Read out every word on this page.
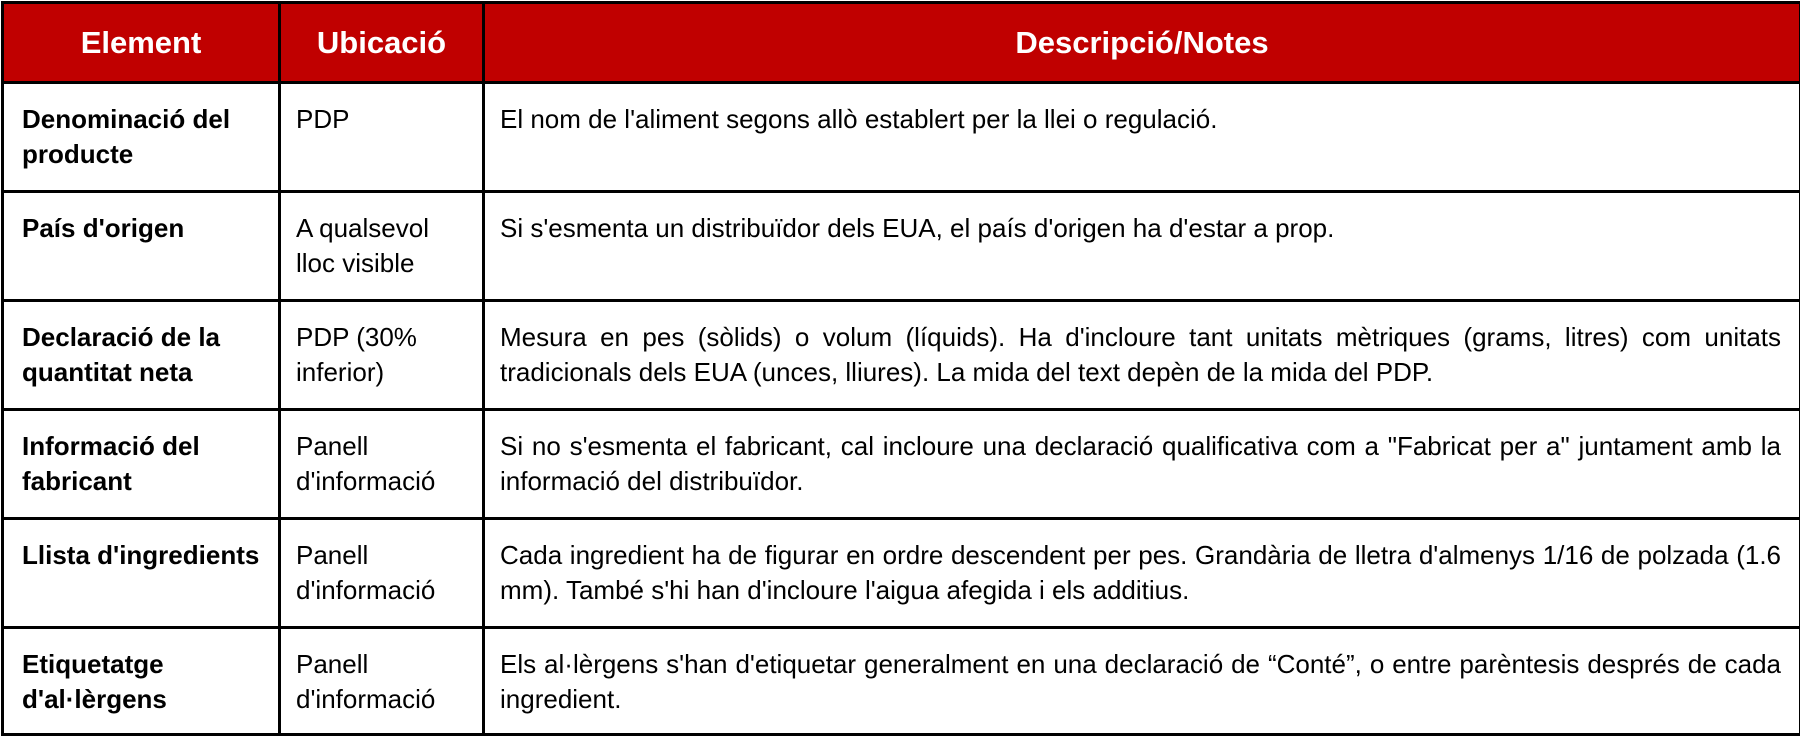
Element	Ubicació	Descripció/Notes
Denominació del producte	PDP	El nom de l'aliment segons allò establert per la llei o regulació.
País d'origen	A qualsevol lloc visible	Si s'esmenta un distribuïdor dels EUA, el país d'origen ha d'estar a prop.
Declaració de la quantitat neta	PDP (30% inferior)	Mesura en pes (sòlids) o volum (líquids). Ha d'incloure tant unitats mètriques (grams, litres) com unitats tradicionals dels EUA (unces, lliures). La mida del text depèn de la mida del PDP.
Informació del fabricant	Panell d'informació	Si no s'esmenta el fabricant, cal incloure una declaració qualificativa com a "Fabricat per a" juntament amb la informació del distribuïdor.
Llista d'ingredients	Panell d'informació	Cada ingredient ha de figurar en ordre descendent per pes. Grandària de lletra d'almenys 1/16 de polzada (1.6 mm). També s'hi han d'incloure l'aigua afegida i els additius.
Etiquetatge d'al·lèrgens	Panell d'informació	Els al·lèrgens s'han d'etiquetar generalment en una declaració de “Conté”, o entre parèntesis després de cada ingredient.
